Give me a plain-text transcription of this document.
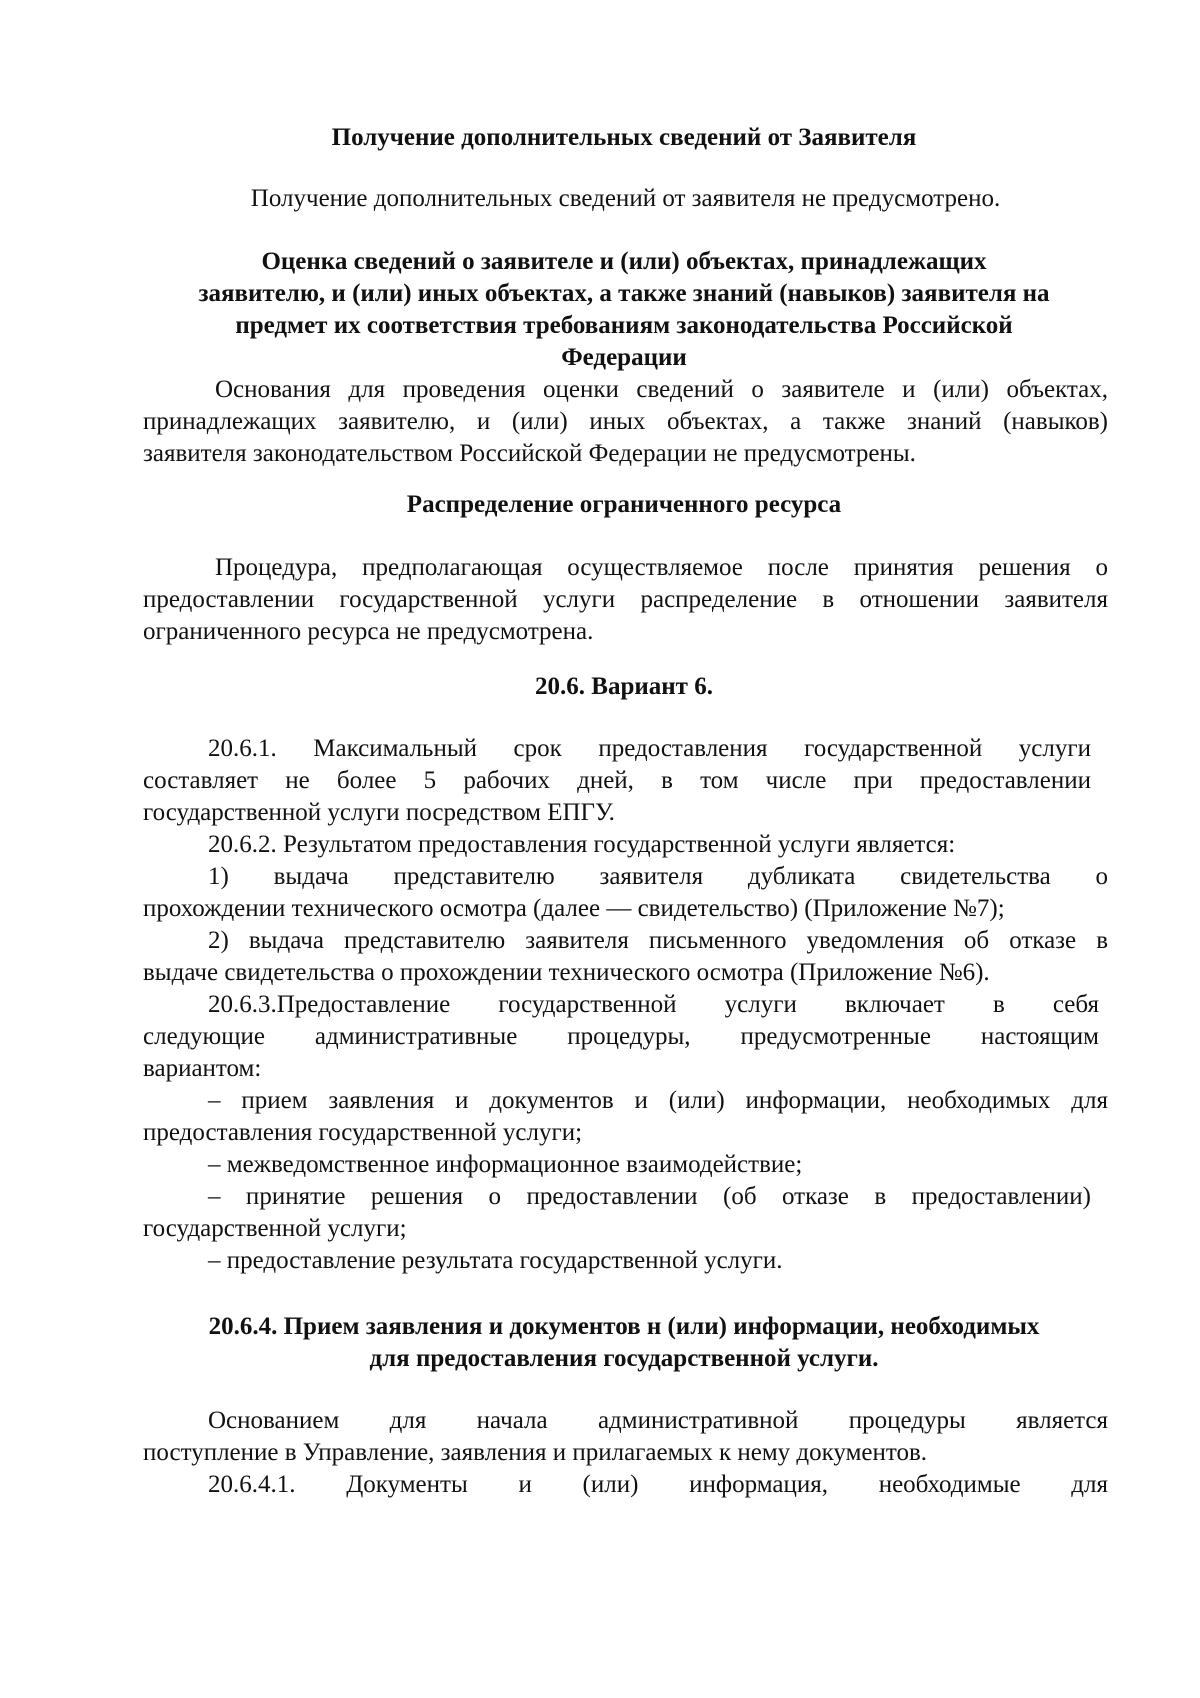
Получение дополнительных сведений от Заявителя

Получение дополнительных сведений от заявителя не предусмотрено.

Оценка сведений о заявителе и (или) объектах, принадлежащих
заявителю, и (или) иных объектах, а также знаний (навыков) заявителя на
предмет их соответствия требованиям законодательства Российской
Федерации
Основания для проведения оценки сведений о заявителе и (или) объектах,
принадлежащих заявителю, и (или) иных объектах, а также знаний (навыков)
заявителя законодательством Российской Федерации не предусмотрены.

Распределение ограниченного ресурса

Процедура, предполагающая осуществляемое после принятия решения о
предоставлении государственной услуги распределение в отношении заявителя
ограниченного ресурса не предусмотрена.

20.6. Вариант 6.

20.6.1. Максимальный срок предоставления государственной услуги
составляет не более 5 рабочих дней, в том числе при предоставлении
государственной услуги посредством ЕПГУ.
20.6.2. Результатом предоставления государственной услуги является:
1) выдача представителю заявителя дубликата свидетельства о
прохождении технического осмотра (далее — свидетельство) (Приложение №7);
2) выдача представителю заявителя письменного уведомления об отказе в
выдаче свидетельства о прохождении технического осмотра (Приложение №6).
20.6.3.Предоставление государственной услуги включает в себя
следующие административные процедуры, предусмотренные настоящим
вариантом:
– прием заявления и документов и (или) информации, необходимых для
предоставления государственной услуги;
– межведомственное информационное взаимодействие;
– принятие решения о предоставлении (об отказе в предоставлении)
государственной услуги;
– предоставление результата государственной услуги.
20.6.4. Прием заявления и документов н (или) информации, необходимых
для предоставления государственной услуги.
Основанием для начала административной процедуры является
поступление в Управление, заявления и прилагаемых к нему документов.
20.6.4.1. Документы и (или) информация, необходимые для
